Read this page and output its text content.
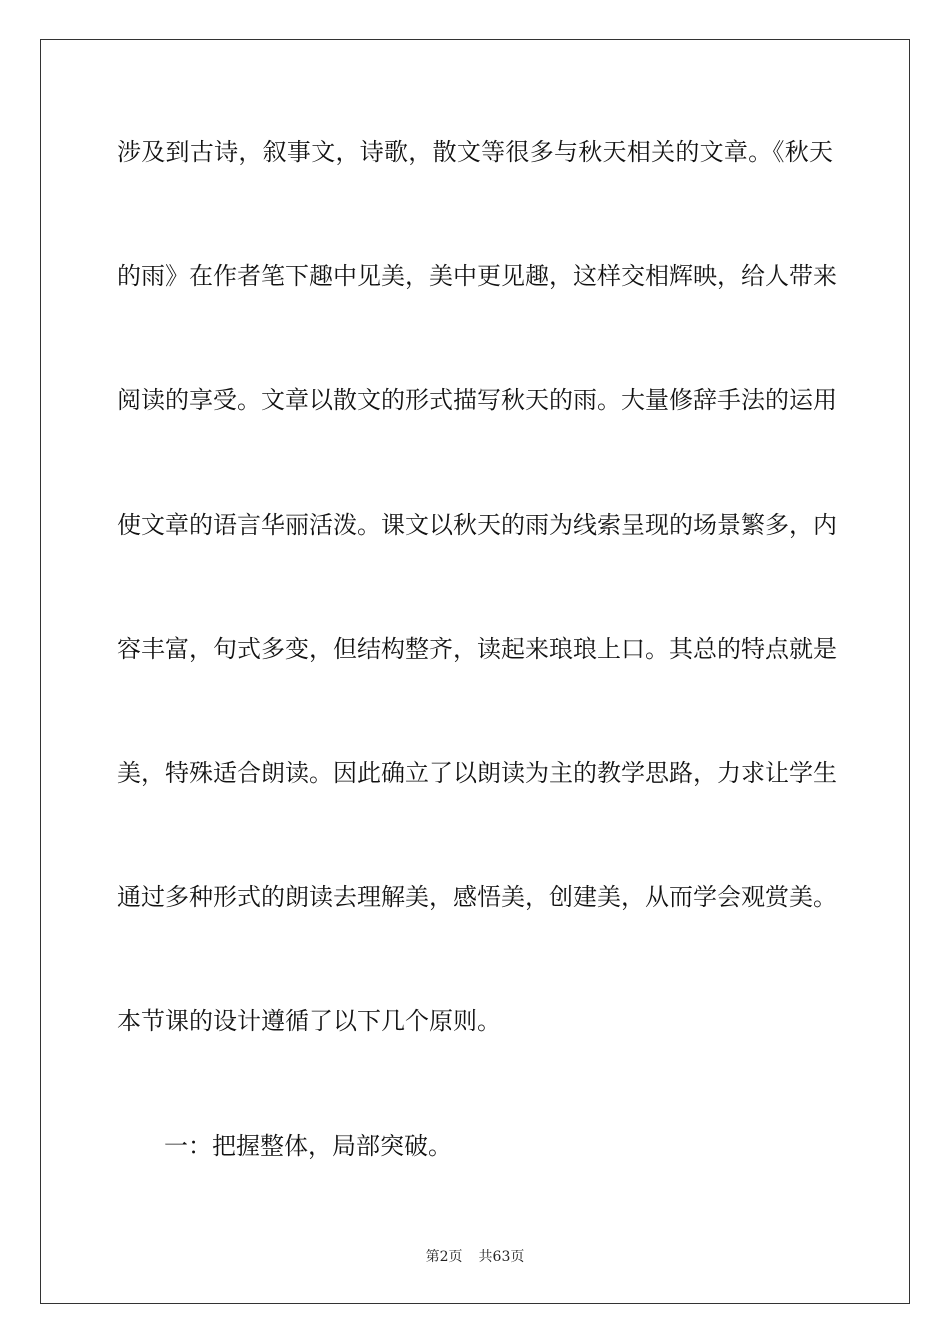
涉及到古诗，叙事文，诗歌，散文等很多与秋天相关的文章。《秋天
的雨》在作者笔下趣中见美，美中更见趣，这样交相辉映，给人带来
阅读的享受。文章以散文的形式描写秋天的雨。大量修辞手法的运用
使文章的语言华丽活泼。课文以秋天的雨为线索呈现的场景繁多，内
容丰富，句式多变，但结构整齐，读起来琅琅上口。其总的特点就是
美，特殊适合朗读。因此确立了以朗读为主的教学思路，力求让学生
通过多种形式的朗读去理解美，感悟美，创建美，从而学会观赏美。
本节课的设计遵循了以下几个原则。
一：把握整体，局部突破。
第2页 共63页
